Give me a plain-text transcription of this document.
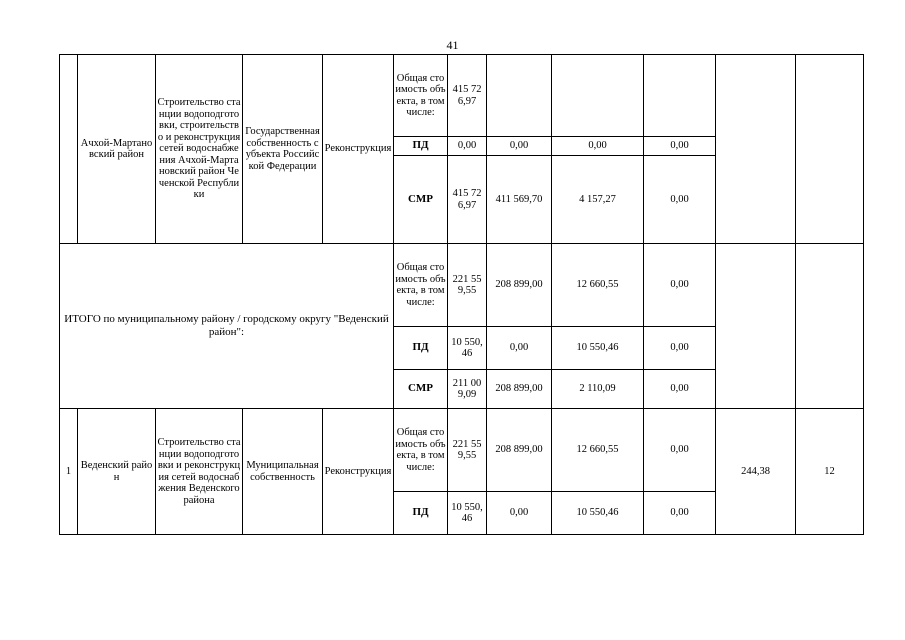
41
	Ачхой-Мартановский район	Строительство станции водоподготовки, строительство и реконструкция сетей водоснабжения Ачхой-Мартановский район Чеченской Республики	Государственная собственность субъекта Российской Федерации	Реконструкция	Общая стоимость объекта, в том числе:	415 726,97					
					ПД	0,00	0,00	0,00	0,00		
					СМР	415 726,97	411 569,70	4 157,27	0,00		
ИТОГО по муниципальному району / городскому округу "Веденский район":					Общая стоимость объекта, в том числе:	221 559,55	208 899,00	12 660,55	0,00		
					ПД	10 550,46	0,00	10 550,46	0,00		
					СМР	211 009,09	208 899,00	2 110,09	0,00		
1	Веденский район	Строительство станции водоподготовки и реконструкция сетей водоснабжения Веденского района	Муниципальная собственность	Реконструкция	Общая стоимость объекта, в том числе:	221 559,55	208 899,00	12 660,55	0,00	244,38	12
					ПД	10 550,46	0,00	10 550,46	0,00		
